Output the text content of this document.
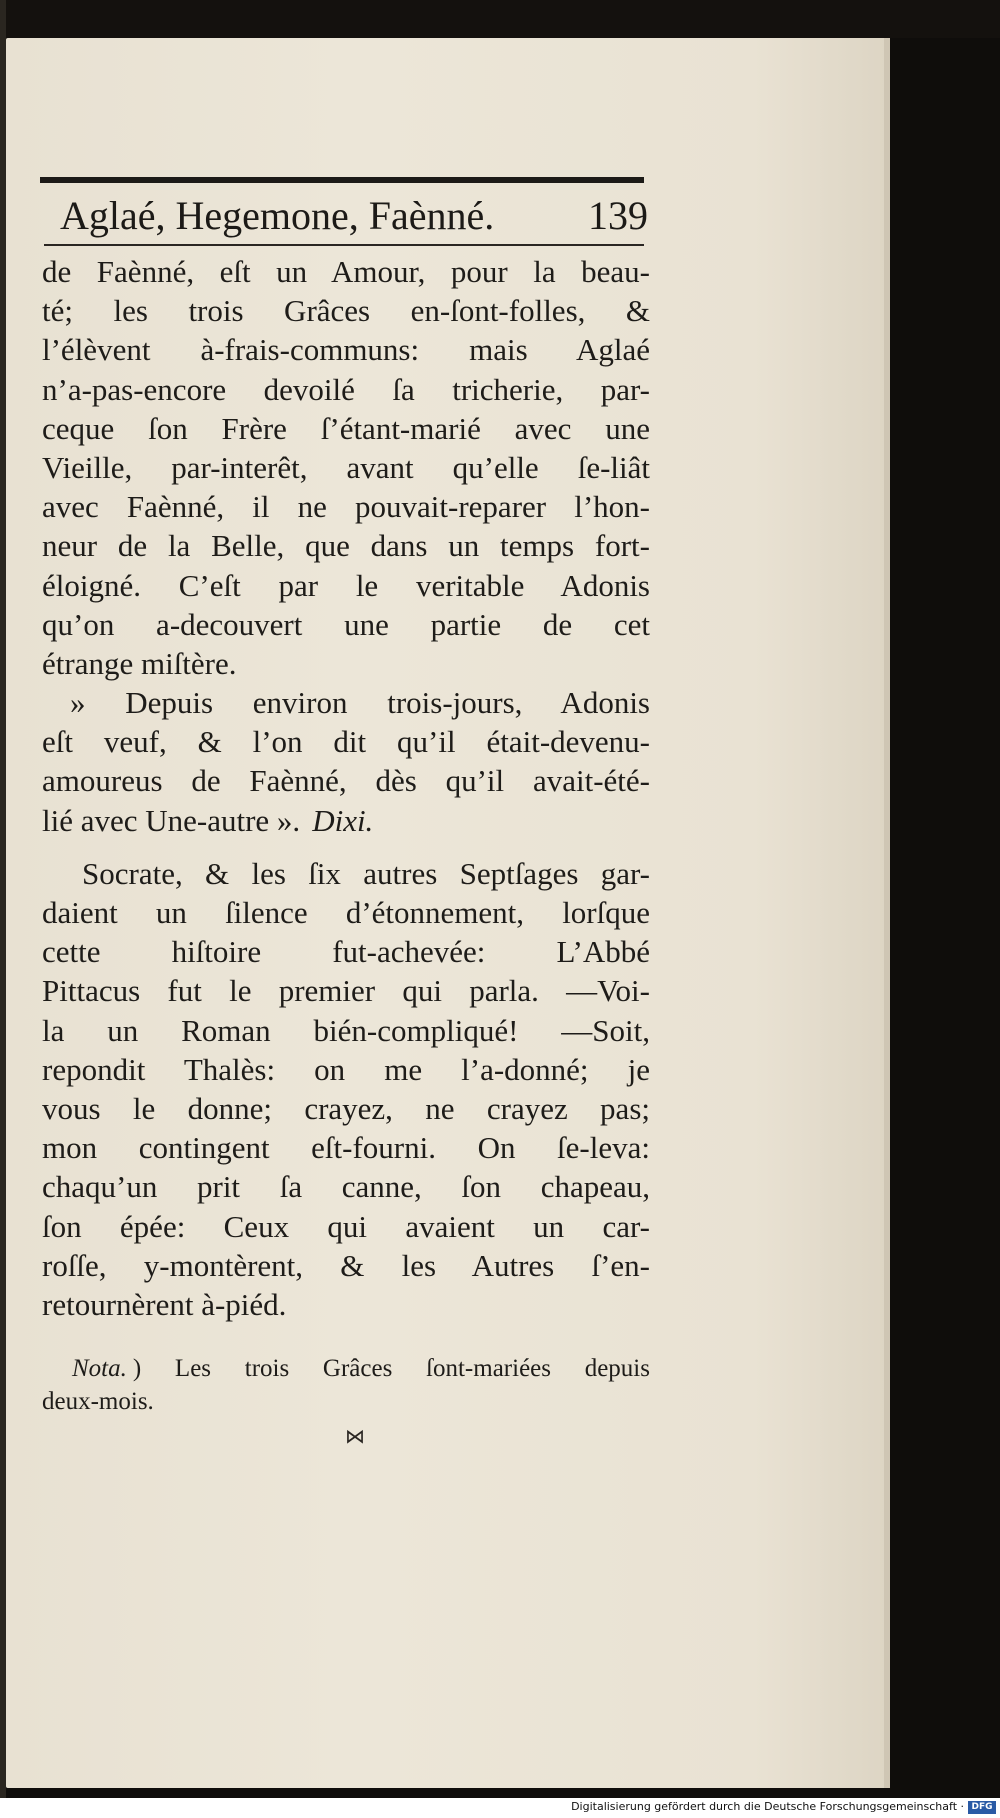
Aglaé, Hegemone, Faènné. 139
de Faènné, eſt un Amour, pour la beau-
té; les trois Grâces en-ſont-folles, &
l’élèvent à-frais-communs: mais Aglaé
n’a-pas-encore devoilé ſa tricherie, par-
ceque ſon Frère ſ’étant-marié avec une
Vieille, par-interêt, avant qu’elle ſe-liât
avec Faènné, il ne pouvait-reparer l’hon-
neur de la Belle, que dans un temps fort-
éloigné. C’eſt par le veritable Adonis
qu’on a-decouvert une partie de cet
étrange miſtère.
» Depuis environ trois-jours, Adonis
eſt veuf, & l’on dit qu’il était-devenu-
amoureus de Faènné, dès qu’il avait-été-
lié avec Une-autre ». Dixi.
Socrate, & les ſix autres Septſages gar-
daient un ſilence d’étonnement, lorſque
cette hiſtoire fut-achevée: L’Abbé
Pittacus fut le premier qui parla. —Voi-
la un Roman bién-compliqué! —Soit,
repondit Thalès: on me l’a-donné; je
vous le donne; crayez, ne crayez pas;
mon contingent eſt-fourni. On ſe-leva:
chaqu’un prit ſa canne, ſon chapeau,
ſon épée: Ceux qui avaient un car-
roſſe, y-montèrent, & les Autres ſ’en-
retournèrent à-piéd.
Nota. ) Les trois Grâces ſont-mariées depuis
deux-mois.
⋈
Digitalisierung gefördert durch die Deutsche Forschungsgemeinschaft · DFG
